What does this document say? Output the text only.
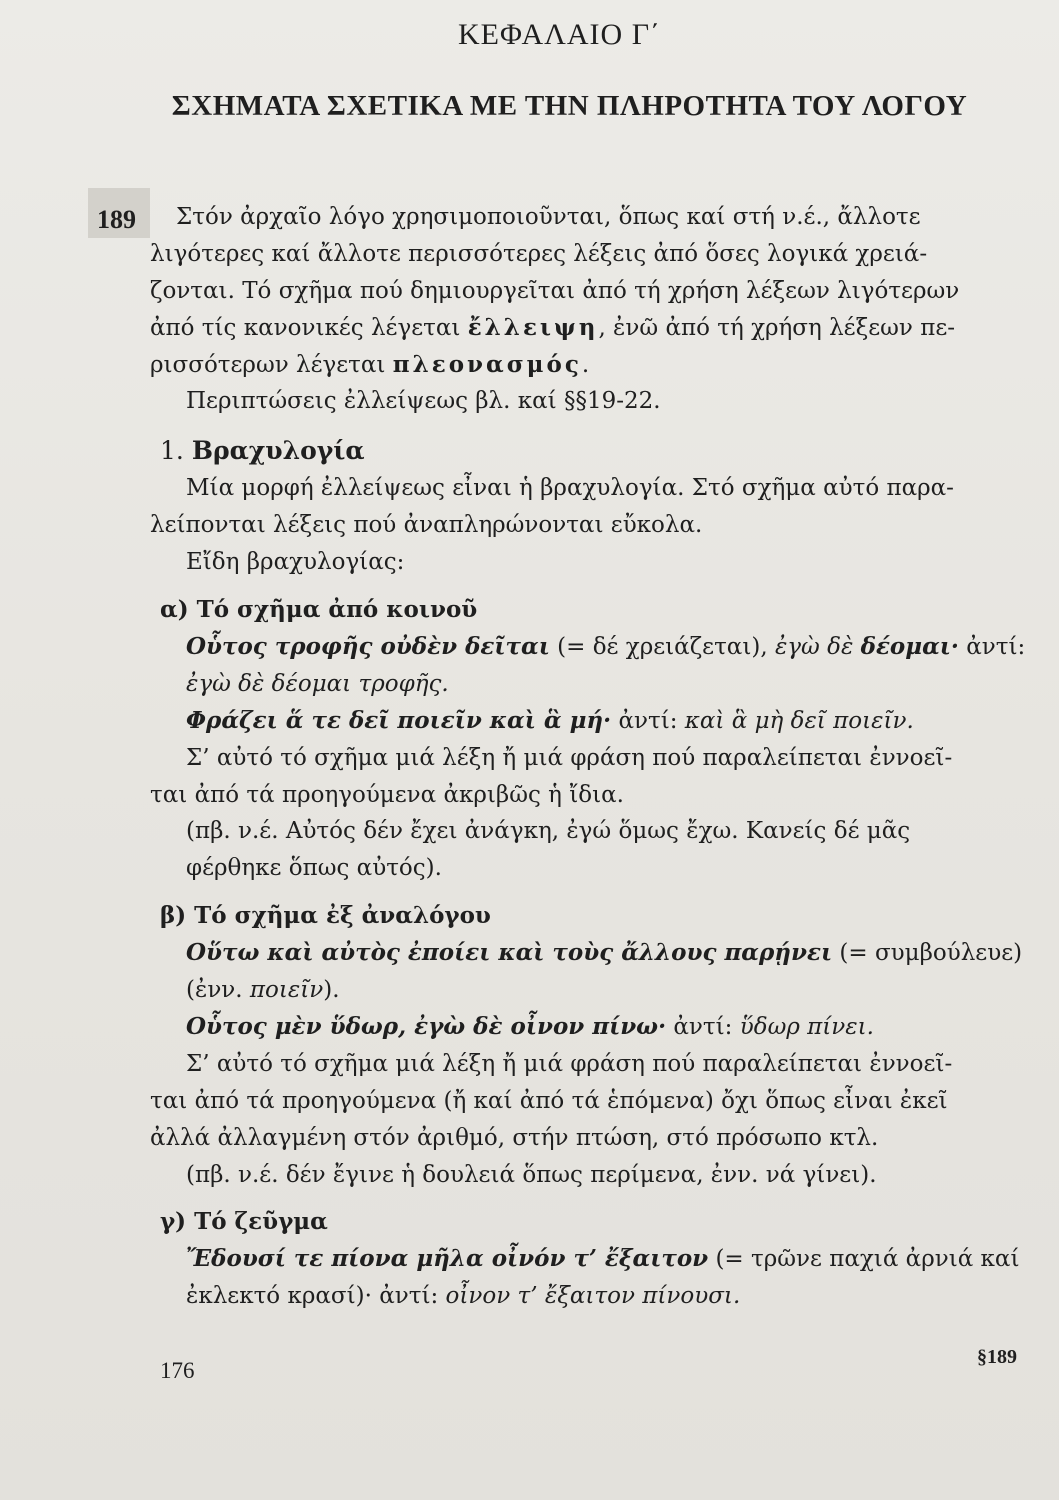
ΚΕΦΑΛΑΙΟ Γ΄
ΣΧΗΜΑΤΑ ΣΧΕΤΙΚΑ ΜΕ ΤΗΝ ΠΛΗΡΟΤΗΤΑ ΤΟΥ ΛΟΓΟΥ
189 Στόν ἀρχαῖο λόγο χρησιμοποιοῦνται, ὅπως καί στή ν.έ., ἄλλοτε
λιγότερες καί ἄλλοτε περισσότερες λέξεις ἀπό ὅσες λογικά χρειά-
ζονται. Τό σχῆμα πού δημιουργεῖται ἀπό τή χρήση λέξεων λιγότερων
ἀπό τίς κανονικές λέγεται ἔλλειψη, ἐνῶ ἀπό τή χρήση λέξεων πε-
ρισσότερων λέγεται πλεονασμός.
Περιπτώσεις ἐλλείψεως βλ. καί §§19-22.
1. Βραχυλογία
Μία μορφή ἐλλείψεως εἶναι ἡ βραχυλογία. Στό σχῆμα αὐτό παρα-
λείπονται λέξεις πού ἀναπληρώνονται εὔκολα.
Εἴδη βραχυλογίας:
α) Τό σχῆμα ἀπό κοινοῦ
Οὗτος τροφῆς οὐδὲν δεῖται (= δέ χρειάζεται), ἐγὼ δὲ δέομαι· ἀντί:
ἐγὼ δὲ δέομαι τροφῆς.
Φράζει ἅ τε δεῖ ποιεῖν καὶ ἃ μή· ἀντί: καὶ ἃ μὴ δεῖ ποιεῖν.
Σ’ αὐτό τό σχῆμα μιά λέξη ἤ μιά φράση πού παραλείπεται ἐννοεῖ-
ται ἀπό τά προηγούμενα ἀκριβῶς ἡ ἴδια.
(πβ. ν.έ. Αὐτός δέν ἔχει ἀνάγκη, ἐγώ ὅμως ἔχω. Κανείς δέ μᾶς
φέρθηκε ὅπως αὐτός).
β) Τό σχῆμα ἐξ ἀναλόγου
Οὕτω καὶ αὐτὸς ἐποίει καὶ τοὺς ἄλλους παρῄνει (= συμβούλευε)
(ἐνν. ποιεῖν).
Οὗτος μὲν ὕδωρ, ἐγὼ δὲ οἶνον πίνω· ἀντί: ὕδωρ πίνει.
Σ’ αὐτό τό σχῆμα μιά λέξη ἤ μιά φράση πού παραλείπεται ἐννοεῖ-
ται ἀπό τά προηγούμενα (ἤ καί ἀπό τά ἑπόμενα) ὄχι ὅπως εἶναι ἐκεῖ
ἀλλά ἀλλαγμένη στόν ἀριθμό, στήν πτώση, στό πρόσωπο κτλ.
(πβ. ν.έ. δέν ἔγινε ἡ δουλειά ὅπως περίμενα, ἐνν. νά γίνει).
γ) Τό ζεῦγμα
Ἔδουσί τε πίονα μῆλα οἶνόν τ’ ἔξαιτον (= τρῶνε παχιά ἀρνιά καί
ἐκλεκτό κρασί)· ἀντί: οἶνον τ’ ἔξαιτον πίνουσι.
176
§189
